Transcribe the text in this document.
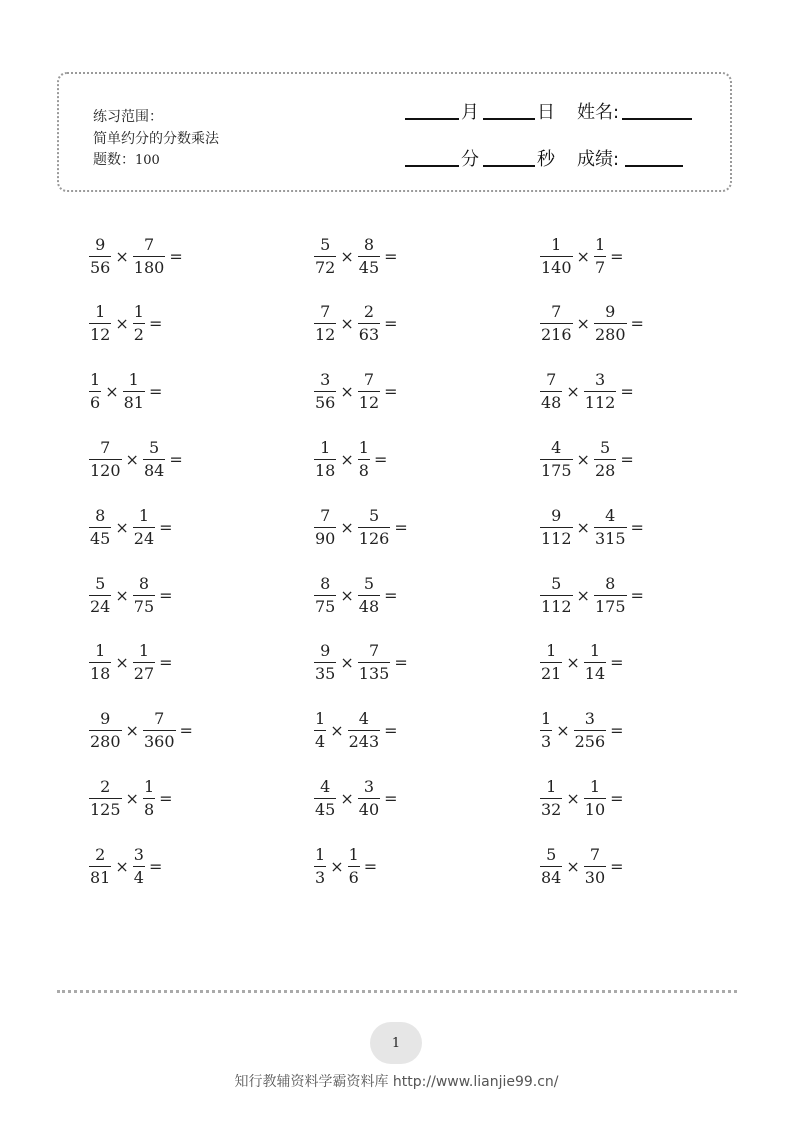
练习范围：
简单约分的分数乘法
题数：100
月	日 姓名:
分	秒 成绩:
$\frac{9}{56} \times \frac{7}{180}$ =	$\frac{5}{72} \times \frac{8}{45}$ =	$\frac{1}{140} \times \frac{1}{7}$ =
$\frac{1}{12} \times \frac{1}{2}$ =	$\frac{7}{12} \times \frac{2}{63}$ =	$\frac{7}{216} \times \frac{9}{280}$ =
$\frac{1}{6} \times \frac{1}{81}$ =	$\frac{3}{56} \times \frac{7}{12}$ =	$\frac{7}{48} \times \frac{3}{112}$ =
$\frac{7}{120} \times \frac{5}{84}$ =	$\frac{1}{18} \times \frac{1}{8}$ =	$\frac{4}{175} \times \frac{5}{28}$ =
$\frac{8}{45} \times \frac{1}{24}$ =	$\frac{7}{90} \times \frac{5}{126}$ =	$\frac{9}{112} \times \frac{4}{315}$ =
$\frac{5}{24} \times \frac{8}{75}$ =	$\frac{8}{75} \times \frac{5}{48}$ =	$\frac{5}{112} \times \frac{8}{175}$ =
$\frac{1}{18} \times \frac{1}{27}$ =	$\frac{9}{35} \times \frac{7}{135}$ =	$\frac{1}{21} \times \frac{1}{14}$ =
$\frac{9}{280} \times \frac{7}{360}$ =	$\frac{1}{4} \times \frac{4}{243}$ =	$\frac{1}{3} \times \frac{3}{256}$ =
$\frac{2}{125} \times \frac{1}{8}$ =	$\frac{4}{45} \times \frac{3}{40}$ =	$\frac{1}{32} \times \frac{1}{10}$ =
$\frac{2}{81} \times \frac{3}{4}$ =	$\frac{1}{3} \times \frac{1}{6}$ =	$\frac{5}{84} \times \frac{7}{30}$ =
1
知行教辅资料学霸资料库 http://www.lianjie99.cn/
